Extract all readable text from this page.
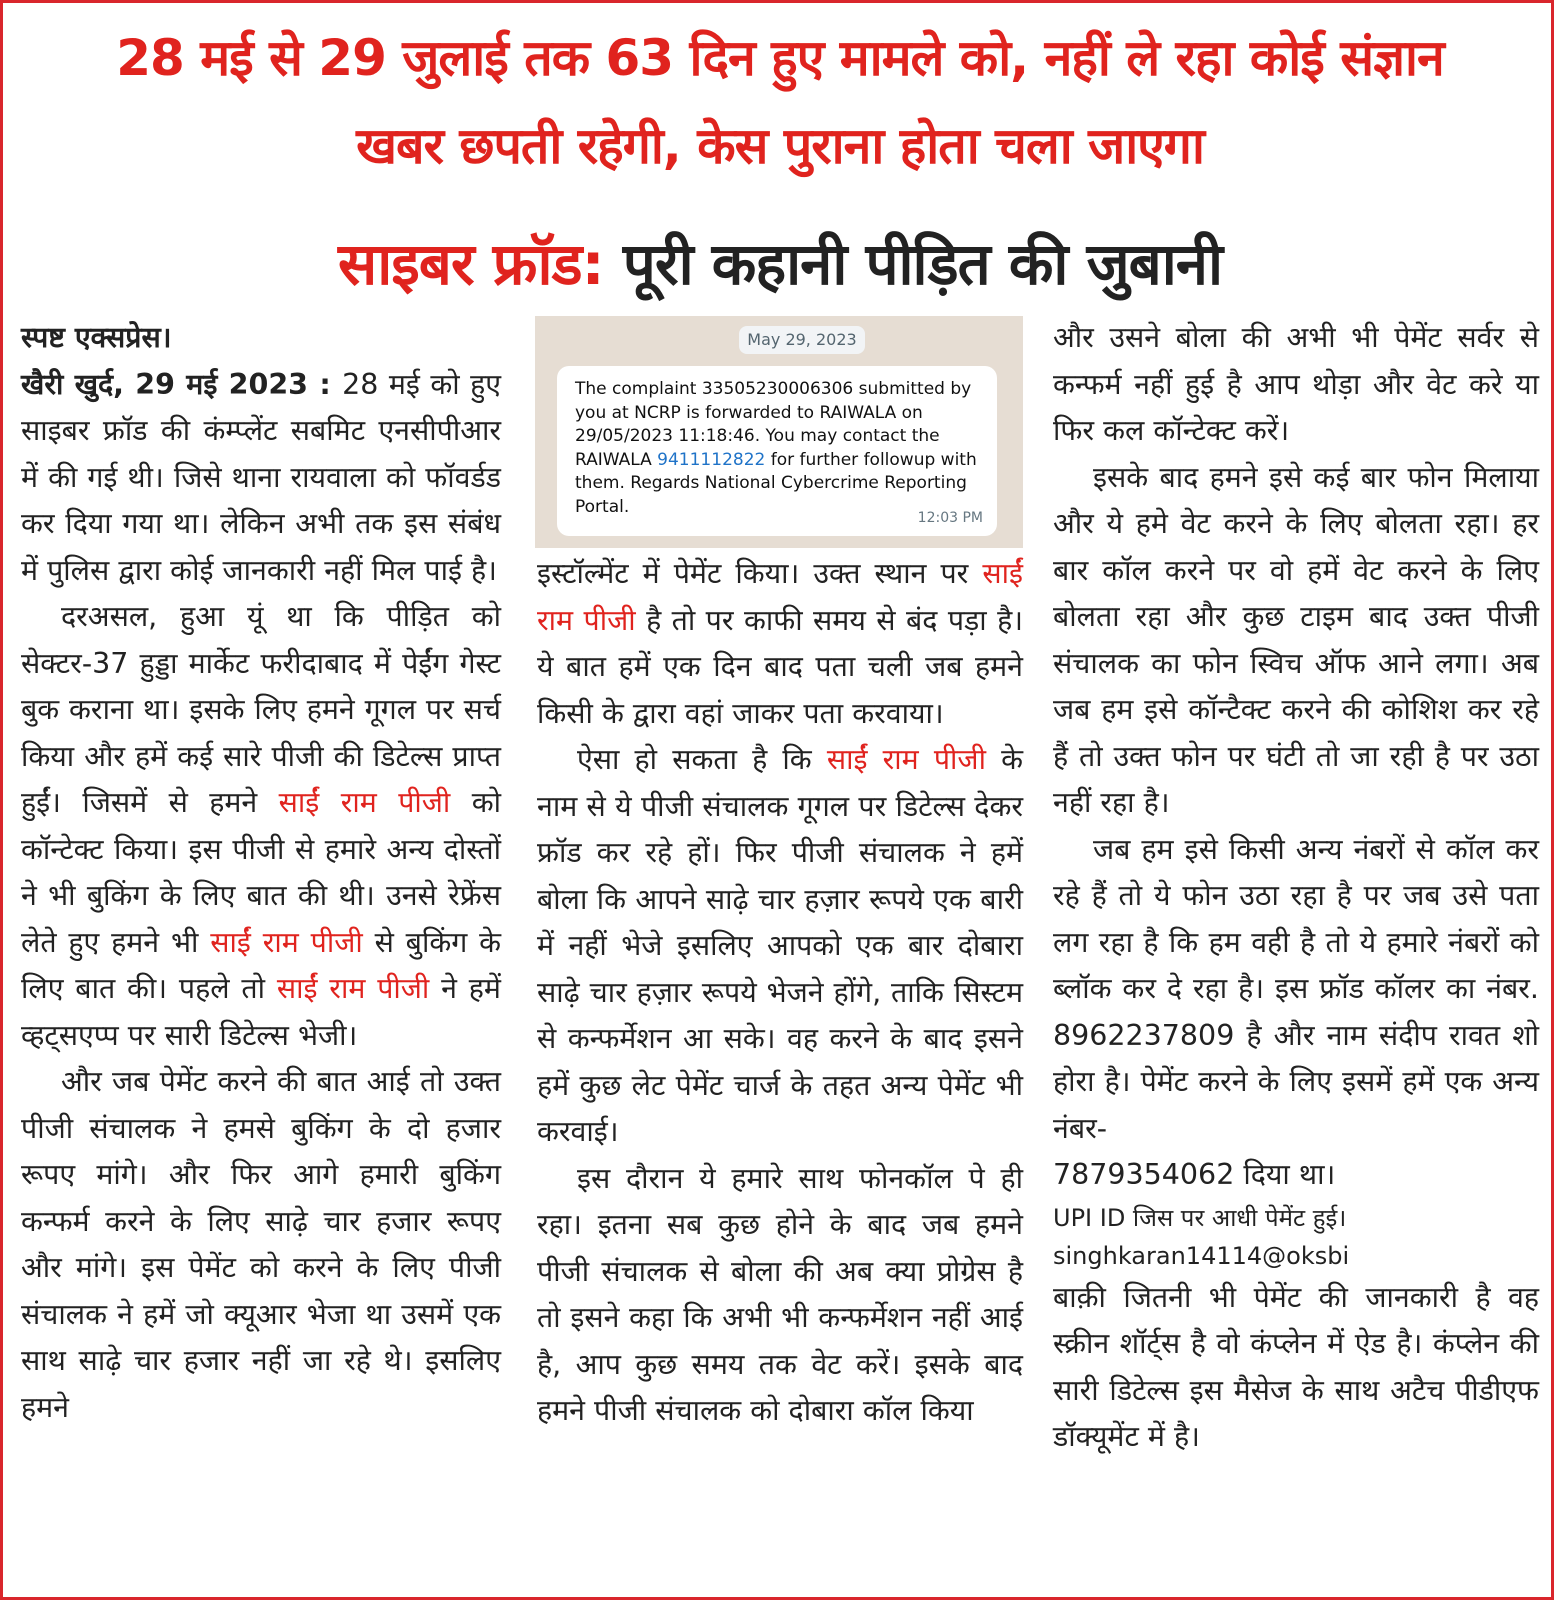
28 मई से 29 जुलाई तक 63 दिन हुए मामले को, नहीं ले रहा कोई संज्ञान
खबर छपती रहेगी, केस पुराना होता चला जाएगा
साइबर फ्रॉड: पूरी कहानी पीड़ित की जुबानी

स्पष्ट एक्सप्रेस।

खैरी खुर्द, 29 मई 2023 : 28 मई को हुए साइबर फ्रॉड की कंम्प्लेंट सबमिट एनसीपीआर में की गई थी। जिसे थाना रायवाला को फॉवर्डड कर दिया गया था। लेकिन अभी तक इस संबंध में पुलिस द्वारा कोई जानकारी नहीं मिल पाई है।

दरअसल, हुआ यूं था कि पीड़ित को सेक्टर-37 हुड्डा मार्केट फरीदाबाद में पेईंग गेस्ट बुक कराना था। इसके लिए हमने गूगल पर सर्च किया और हमें कई सारे पीजी की डिटेल्स प्राप्त हुईं। जिसमें से हमने साईं राम पीजी को कॉन्टेक्ट किया। इस पीजी से हमारे अन्य दोस्तों ने भी बुकिंग के लिए बात की थी। उनसे रेफ्रेंस लेते हुए हमने भी साईं राम पीजी से बुकिंग के लिए बात की। पहले तो साईं राम पीजी ने हमें व्हट्सएप्प पर सारी डिटेल्स भेजी।

और जब पेमेंट करने की बात आई तो उक्त पीजी संचालक ने हमसे बुकिंग के दो हजार रूपए मांगे। और फिर आगे हमारी बुकिंग कन्फर्म करने के लिए साढ़े चार हजार रूपए और मांगे। इस पेमेंट को करने के लिए पीजी संचालक ने हमें जो क्यूआर भेजा था उसमें एक साथ साढ़े चार हजार नहीं जा रहे थे। इसलिए हमने

May 29, 2023
The complaint 33505230006306 submitted by you at NCRP is forwarded to RAIWALA on 29/05/2023 11:18:46. You may contact the RAIWALA 9411112822 for further followup with them. Regards National Cybercrime Reporting Portal.
12:03 PM

इस्टॉल्मेंट में पेमेंट किया। उक्त स्थान पर साईं राम पीजी है तो पर काफी समय से बंद पड़ा है। ये बात हमें एक दिन बाद पता चली जब हमने किसी के द्वारा वहां जाकर पता करवाया।

ऐसा हो सकता है कि साईं राम पीजी के नाम से ये पीजी संचालक गूगल पर डिटेल्स देकर फ्रॉड कर रहे हों। फिर पीजी संचालक ने हमें बोला कि आपने साढ़े चार हज़ार रूपये एक बारी में नहीं भेजे इसलिए आपको एक बार दोबारा साढ़े चार हज़ार रूपये भेजने होंगे, ताकि सिस्टम से कन्फर्मेशन आ सके। वह करने के बाद इसने हमें कुछ लेट पेमेंट चार्ज के तहत अन्य पेमेंट भी करवाई।

इस दौरान ये हमारे साथ फोनकॉल पे ही रहा। इतना सब कुछ होने के बाद जब हमने पीजी संचालक से बोला की अब क्या प्रोग्रेस है तो इसने कहा कि अभी भी कन्फर्मेशन नहीं आई है, आप कुछ समय तक वेट करें। इसके बाद हमने पीजी संचालक को दोबारा कॉल किया

और उसने बोला की अभी भी पेमेंट सर्वर से कन्फर्म नहीं हुई है आप थोड़ा और वेट करे या फिर कल कॉन्टेक्ट करें।

इसके बाद हमने इसे कई बार फोन मिलाया और ये हमे वेट करने के लिए बोलता रहा। हर बार कॉल करने पर वो हमें वेट करने के लिए बोलता रहा और कुछ टाइम बाद उक्त पीजी संचालक का फोन स्विच ऑफ आने लगा। अब जब हम इसे कॉन्टैक्ट करने की कोशिश कर रहे हैं तो उक्त फोन पर घंटी तो जा रही है पर उठा नहीं रहा है।

जब हम इसे किसी अन्य नंबरों से कॉल कर रहे हैं तो ये फोन उठा रहा है पर जब उसे पता लग रहा है कि हम वही है तो ये हमारे नंबरों को ब्लॉक कर दे रहा है। इस फ्रॉड कॉलर का नंबर. 8962237809 है और नाम संदीप रावत शो होरा है। पेमेंट करने के लिए इसमें हमें एक अन्य नंबर-

7879354062 दिया था।

UPI ID जिस पर आधी पेमेंट हुई।

singhkaran14114@oksbi

बाक़ी जितनी भी पेमेंट की जानकारी है वह स्क्रीन शॉर्ट्स है वो कंप्लेन में ऐड है। कंप्लेन की सारी डिटेल्स इस मैसेज के साथ अटैच पीडीएफ डॉक्यूमेंट में है।
